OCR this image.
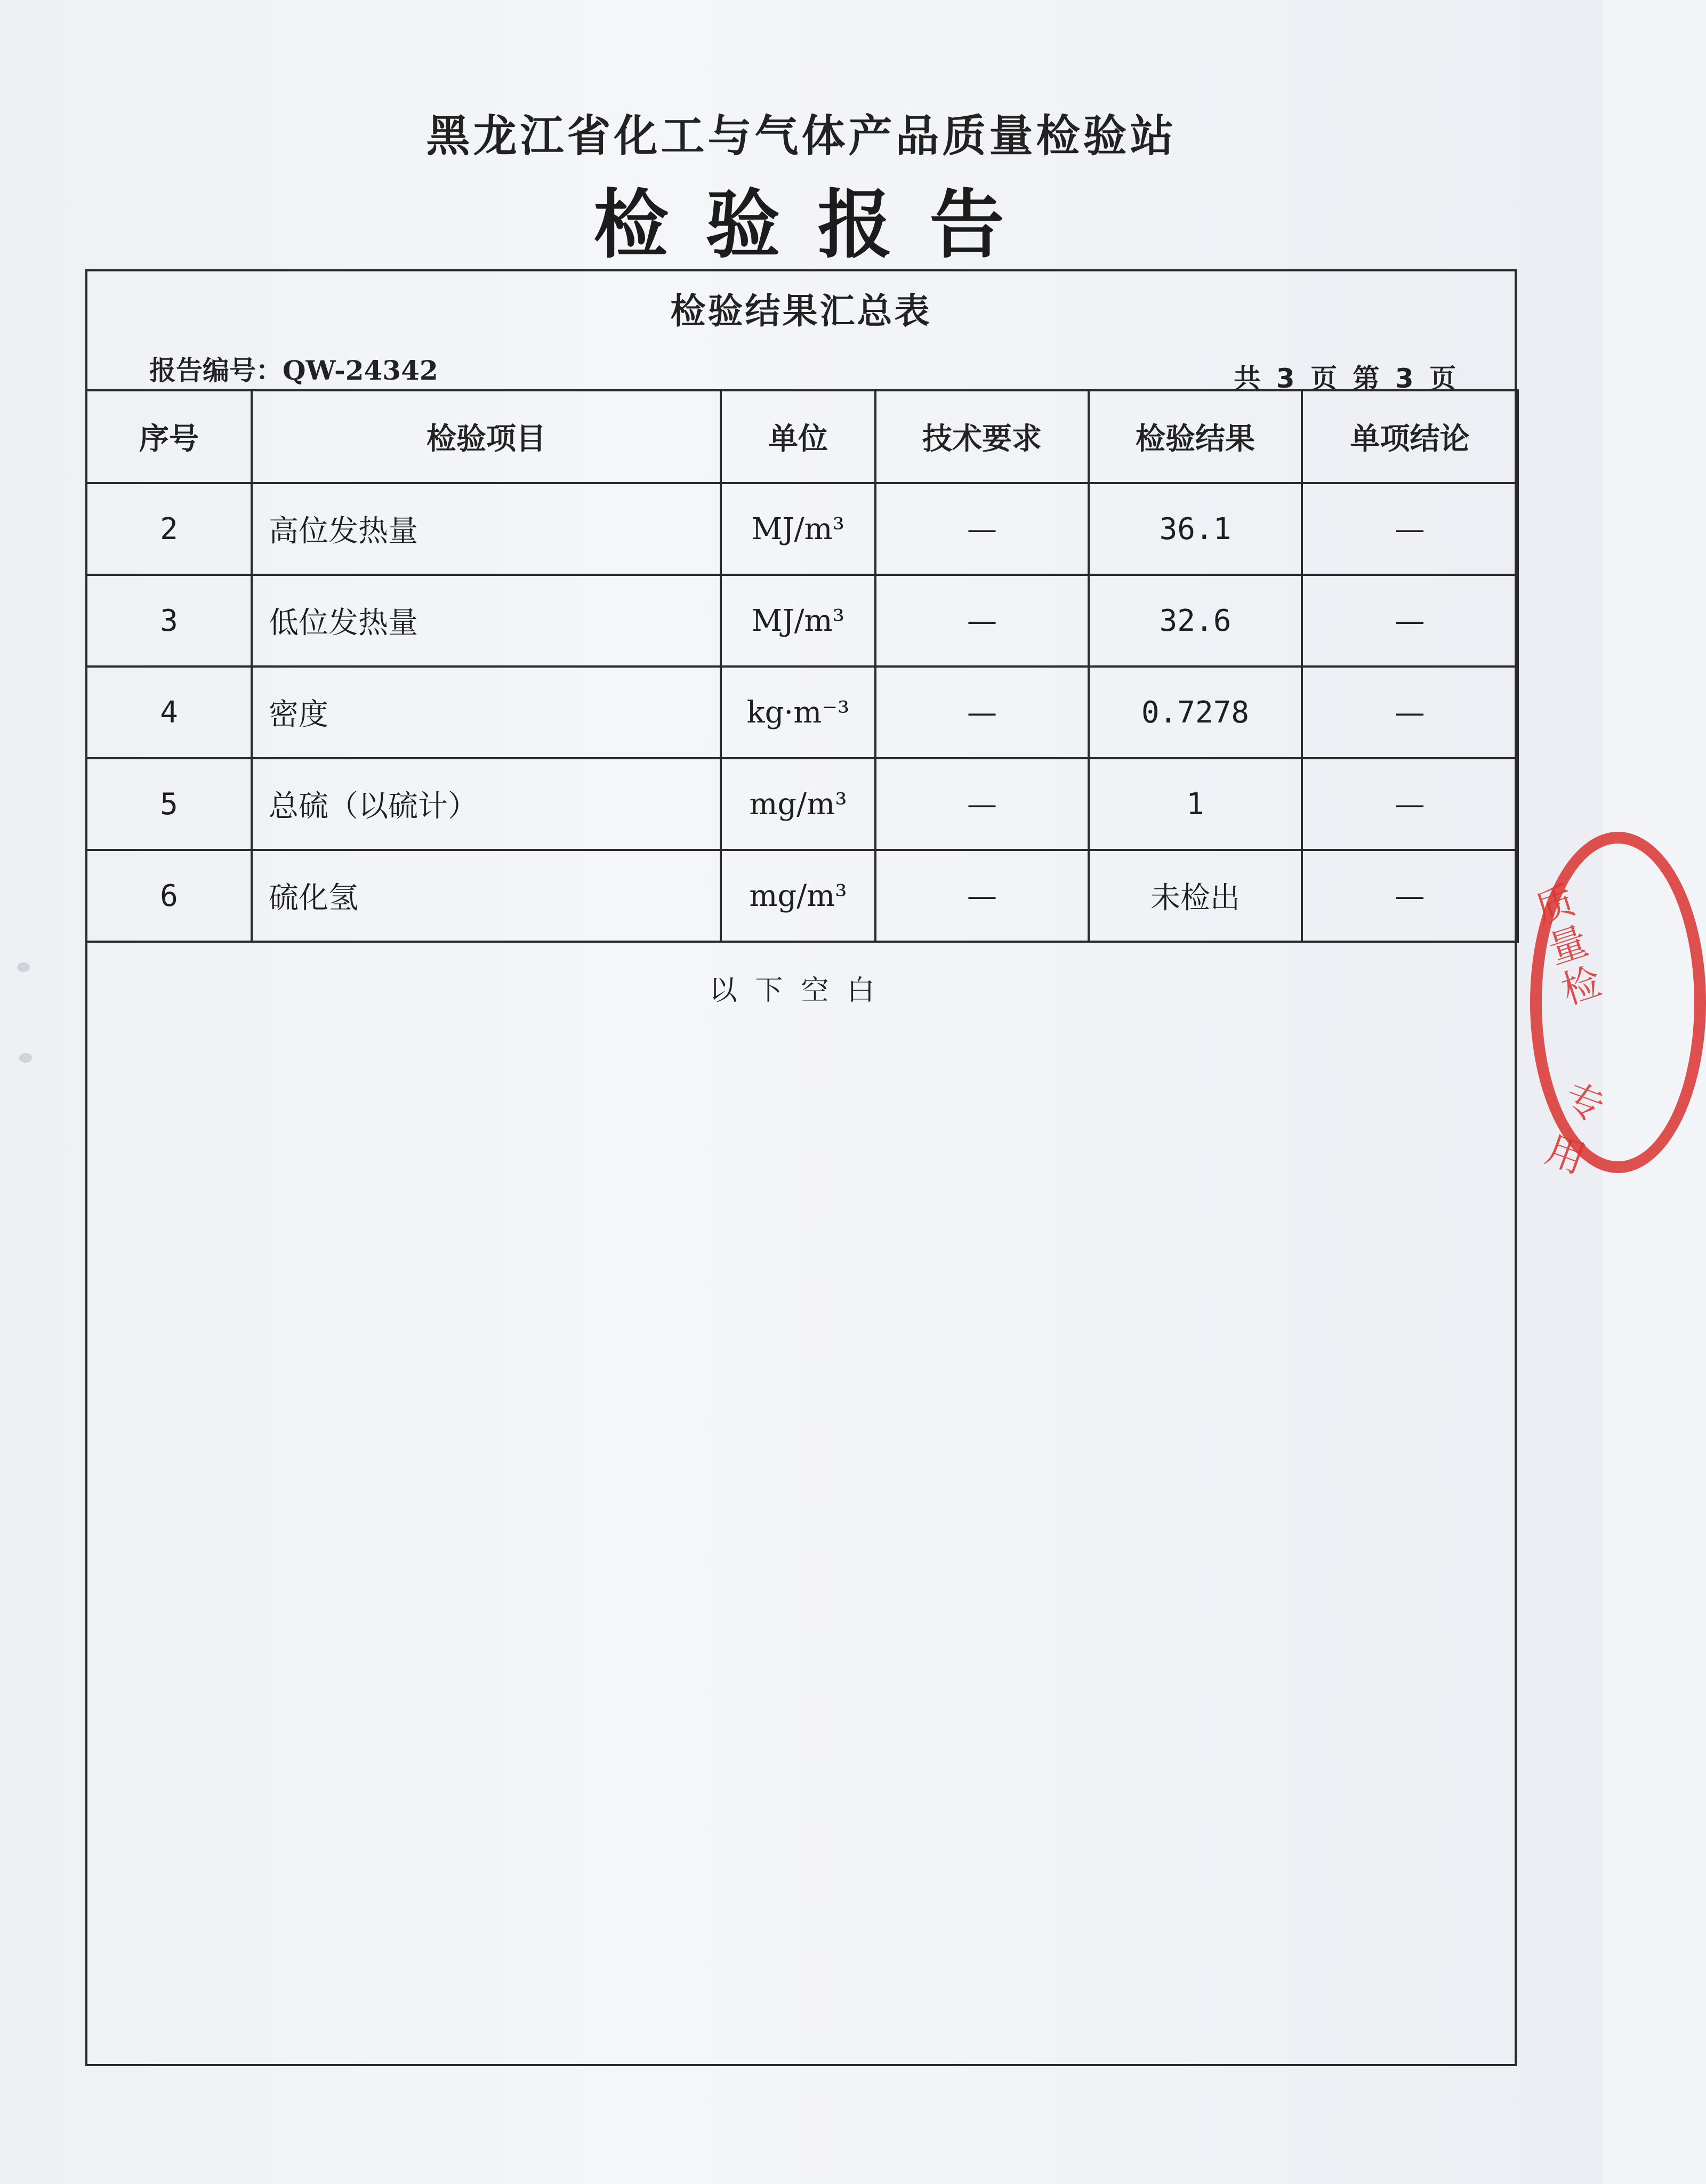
黑龙江省化工与气体产品质量检验站
检验报告
检验结果汇总表
报告编号：QW-24342	共 3 页 第 3 页
序号	检验项目	单位	技术要求	检验结果	单项结论
2	高位发热量	MJ/m³	—	36.1	—
3	低位发热量	MJ/m³	—	32.6	—
4	密度	kg·m⁻³	—	0.7278	—
5	总硫（以硫计）	mg/m³	—	1	—
6	硫化氢	mg/m³	—	未检出	—
以下空白
质量检
专用
